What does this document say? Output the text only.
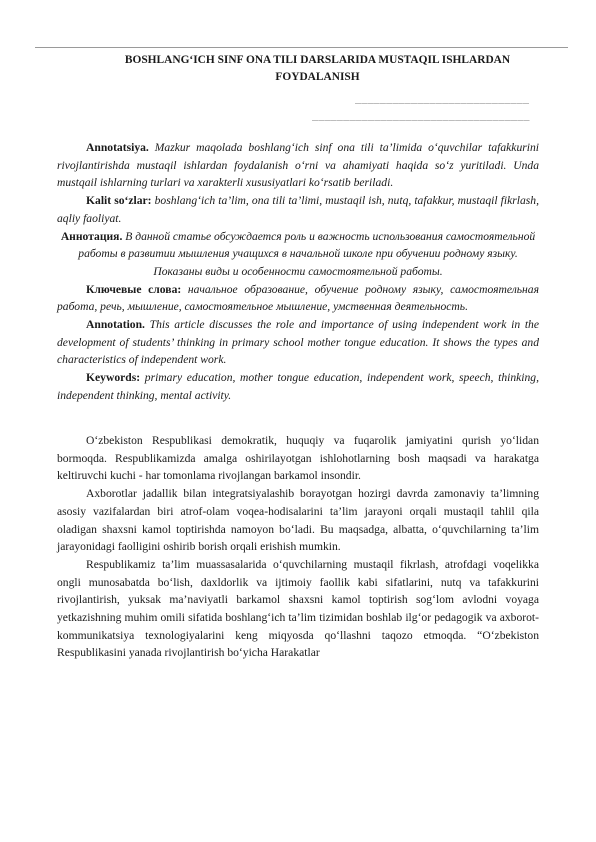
BOSHLANG‘ICH SINF ONA TILI DARSLARIDA MUSTAQIL ISHLARDAN FOYDALANISH
____________________________
___________________________________

Annotatsiya. Mazkur maqolada boshlang‘ich sinf ona tili ta’limida o‘quvchilar tafakkurini rivojlantirishda mustaqil ishlardan foydalanish o‘rni va ahamiyati haqida so‘z yuritiladi. Unda mustqail ishlarning turlari va xarakterli xususiyatlari ko‘rsatib beriladi.

Kalit so‘zlar: boshlang‘ich ta’lim, ona tili ta’limi, mustaqil ish, nutq, tafakkur, mustaqil fikrlash, aqliy faoliyat.

Аннотация. В данной статье обсуждается роль и важность использования самостоятельной работы в развитии мышления учащихся в начальной школе при обучении родному языку. Показаны виды и особенности самостоятельной работы.

Ключевые слова: начальное образование, обучение родному языку, самостоятельная работа, речь, мышление, самостоятельное мышление, умственная деятельность.

Annotation. This article discusses the role and importance of using independent work in the development of students’ thinking in primary school mother tongue education. It shows the types and characteristics of independent work.

Keywords: primary education, mother tongue education, independent work, speech, thinking, independent thinking, mental activity.

O‘zbekiston Respublikasi demokratik, huquqiy va fuqarolik jamiyatini qurish yo‘lidan bormoqda. Respublikamizda amalga oshirilayotgan ishlohotlarning bosh maqsadi va harakatga keltiruvchi kuchi - har tomonlama rivojlangan barkamol insondir.

Axborotlar jadallik bilan integratsiyalashib borayotgan hozirgi davrda zamonaviy ta’limning asosiy vazifalardan biri atrof-olam voqea-hodisalarini ta’lim jarayoni orqali mustaqil tahlil qila oladigan shaxsni kamol toptirishda namoyon bo‘ladi. Bu maqsadga, albatta, o‘quvchilarning ta’lim jarayonidagi faolligini oshirib borish orqali erishish mumkin.

Respublikamiz ta’lim muassasalarida o‘quvchilarning mustaqil fikrlash, atrofdagi voqelikka ongli munosabatda bo‘lish, daxldorlik va ijtimoiy faollik kabi sifatlarini, nutq va tafakkurini rivojlantirish, yuksak ma’naviyatli barkamol shaxsni kamol toptirish sog‘lom avlodni voyaga yetkazishning muhim omili sifatida boshlang‘ich ta’lim tizimidan boshlab ilg‘or pedagogik va axborot-kommunikatsiya texnologiyalarini keng miqyosda qo‘llashni taqozo etmoqda. “O‘zbekiston Respublikasini yanada rivojlantirish bo‘yicha Harakatlar
